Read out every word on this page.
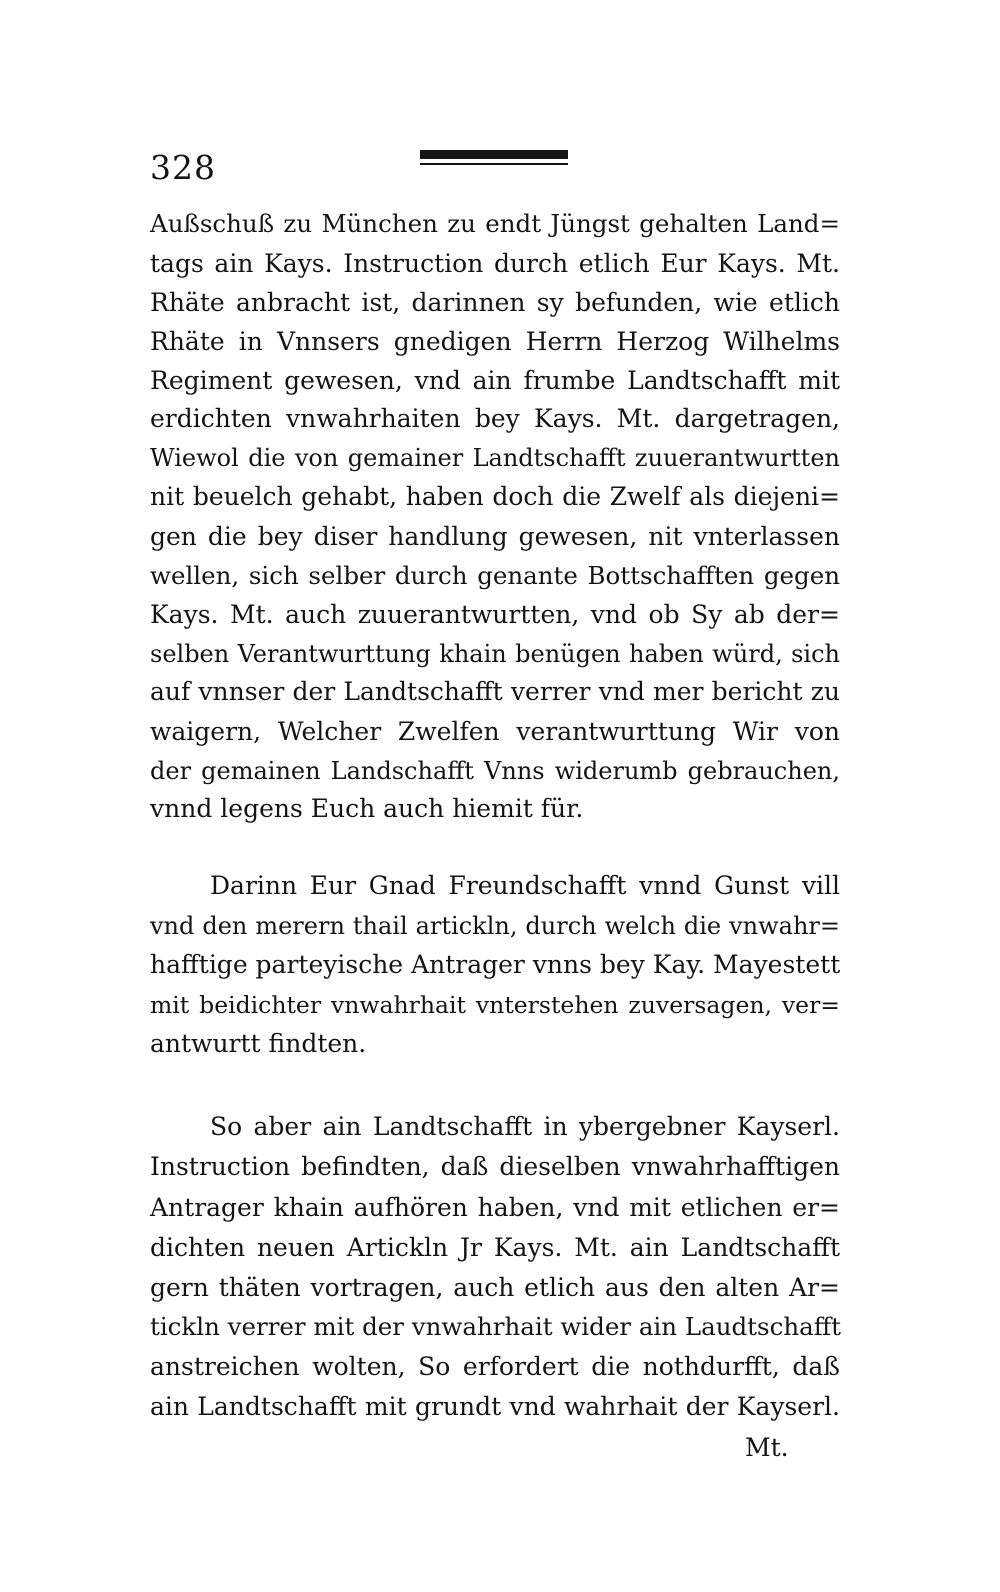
328
Außschuß zu München zu endt Jüngst gehalten Land=
tags ain Kays. Instruction durch etlich Eur Kays. Mt.
Rhäte anbracht ist, darinnen sy befunden, wie etlich
Rhäte in Vnnsers gnedigen Herrn Herzog Wilhelms
Regiment gewesen, vnd ain frumbe Landtschafft mit
erdichten vnwahrhaiten bey Kays. Mt. dargetragen,
Wiewol die von gemainer Landtschafft zuuerantwurtten
nit beuelch gehabt, haben doch die Zwelf als diejeni=
gen die bey diser handlung gewesen, nit vnterlassen
wellen, sich selber durch genante Bottschafften gegen
Kays. Mt. auch zuuerantwurtten, vnd ob Sy ab der=
selben Verantwurttung khain benügen haben würd, sich
auf vnnser der Landtschafft verrer vnd mer bericht zu
waigern, Welcher Zwelfen verantwurttung Wir von
der gemainen Landschafft Vnns widerumb gebrauchen,
vnnd legens Euch auch hiemit für.
Darinn Eur Gnad Freundschafft vnnd Gunst vill
vnd den merern thail artickln, durch welch die vnwahr=
hafftige parteyische Antrager vnns bey Kay. Mayestett
mit beidichter vnwahrhait vnterstehen zuversagen, ver=
antwurtt findten.
So aber ain Landtschafft in ybergebner Kayserl.
Instruction befindten, daß dieselben vnwahrhafftigen
Antrager khain aufhören haben, vnd mit etlichen er=
dichten neuen Artickln Jr Kays. Mt. ain Landtschafft
gern thäten vortragen, auch etlich aus den alten Ar=
tickln verrer mit der vnwahrhait wider ain Laudtschafft
anstreichen wolten, So erfordert die nothdurfft, daß
ain Landtschafft mit grundt vnd wahrhait der Kayserl.
Mt.
